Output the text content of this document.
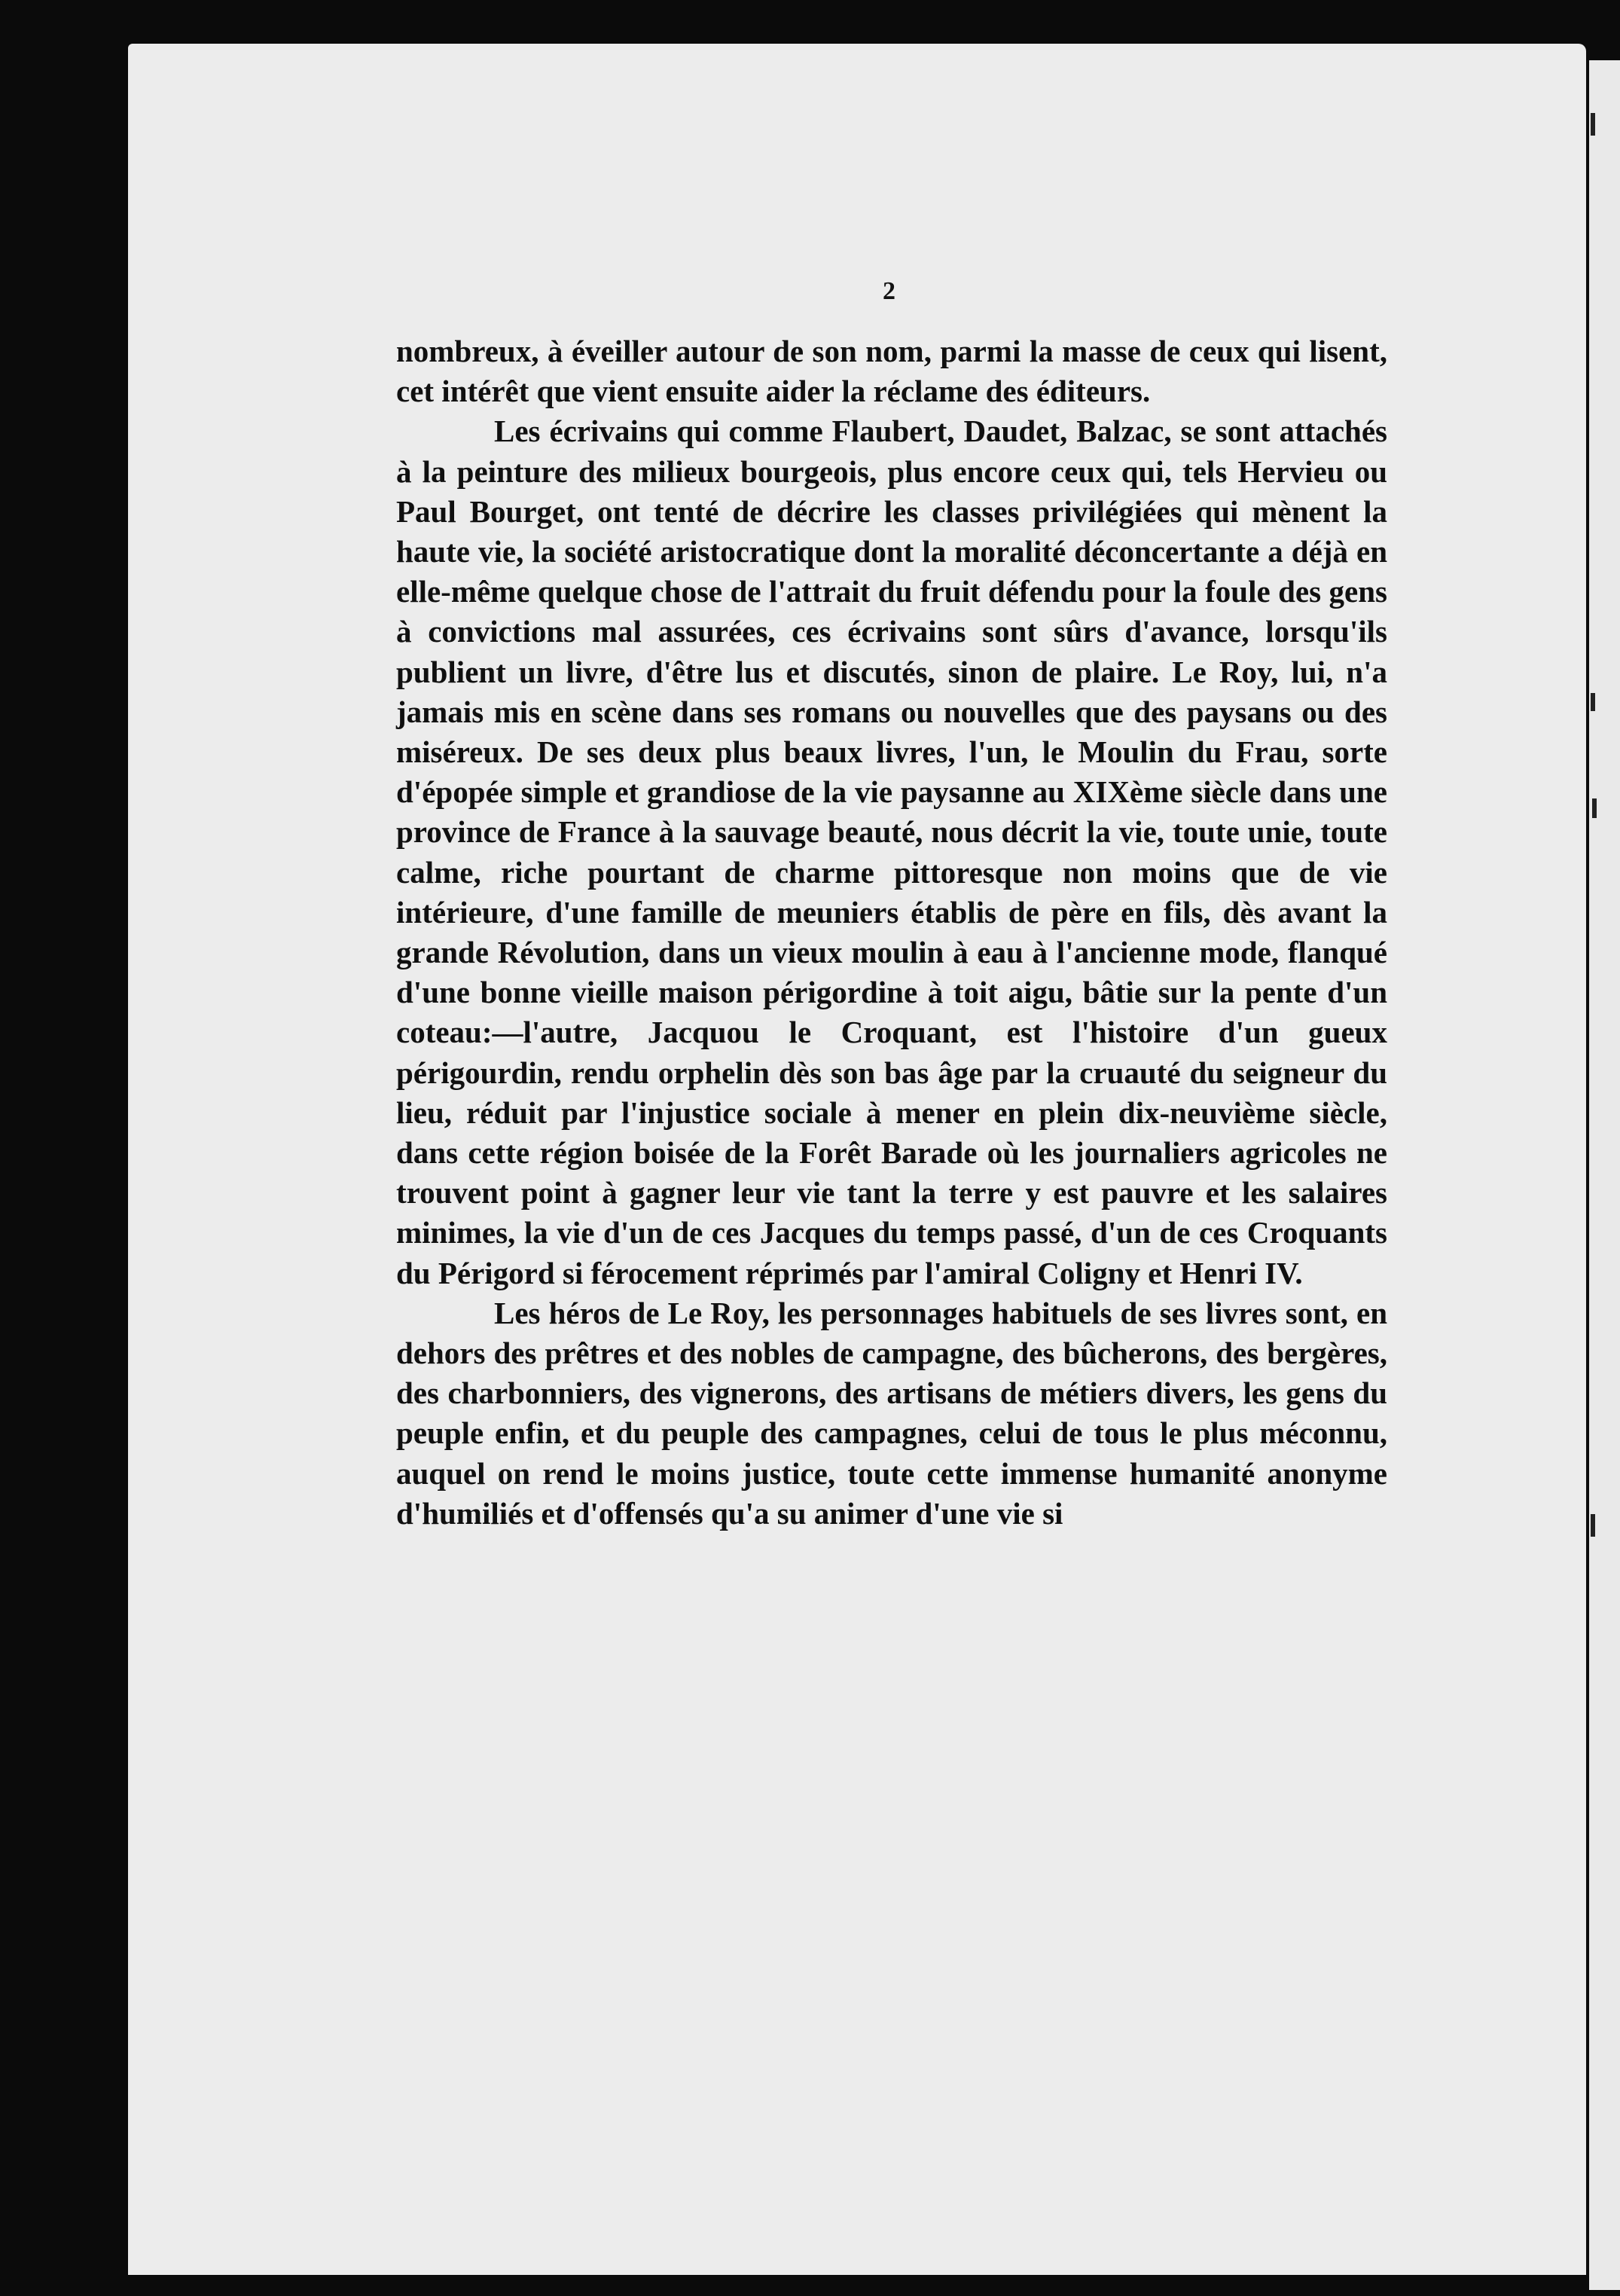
2

nombreux, à éveiller autour de son nom, parmi la masse de ceux qui lisent, cet intérêt que vient ensuite aider la réclame des éditeurs.

Les écrivains qui comme Flaubert, Daudet, Balzac, se sont attachés à la peinture des milieux bourgeois, plus encore ceux qui, tels Hervieu ou Paul Bourget, ont tenté de décrire les classes privilégiées qui mènent la haute vie, la société aristocratique dont la moralité déconcertante a déjà en elle-même quelque chose de l'attrait du fruit défendu pour la foule des gens à convictions mal assurées, ces écrivains sont sûrs d'avance, lorsqu'ils publient un livre, d'être lus et discutés, sinon de plaire. Le Roy, lui, n'a jamais mis en scène dans ses romans ou nouvelles que des paysans ou des miséreux. De ses deux plus beaux livres, l'un, le Moulin du Frau, sorte d'épopée simple et grandiose de la vie paysanne au XIXème siècle dans une province de France à la sauvage beauté, nous décrit la vie, toute unie, toute calme, riche pourtant de charme pittoresque non moins que de vie intérieure, d'une famille de meuniers établis de père en fils, dès avant la grande Révolution, dans un vieux moulin à eau à l'ancienne mode, flanqué d'une bonne vieille maison périgordine à toit aigu, bâtie sur la pente d'un coteau:—l'autre, Jacquou le Croquant, est l'histoire d'un gueux périgourdin, rendu orphelin dès son bas âge par la cruauté du seigneur du lieu, réduit par l'injustice sociale à mener en plein dix-neuvième siècle, dans cette région boisée de la Forêt Barade où les journaliers agricoles ne trouvent point à gagner leur vie tant la terre y est pauvre et les salaires minimes, la vie d'un de ces Jacques du temps passé, d'un de ces Croquants du Périgord si férocement réprimés par l'amiral Coligny et Henri IV.

Les héros de Le Roy, les personnages habituels de ses livres sont, en dehors des prêtres et des nobles de campagne, des bûcherons, des bergères, des charbonniers, des vignerons, des artisans de métiers divers, les gens du peuple enfin, et du peuple des campagnes, celui de tous le plus méconnu, auquel on rend le moins justice, toute cette immense humanité anonyme d'humiliés et d'offensés qu'a su animer d'une vie si
